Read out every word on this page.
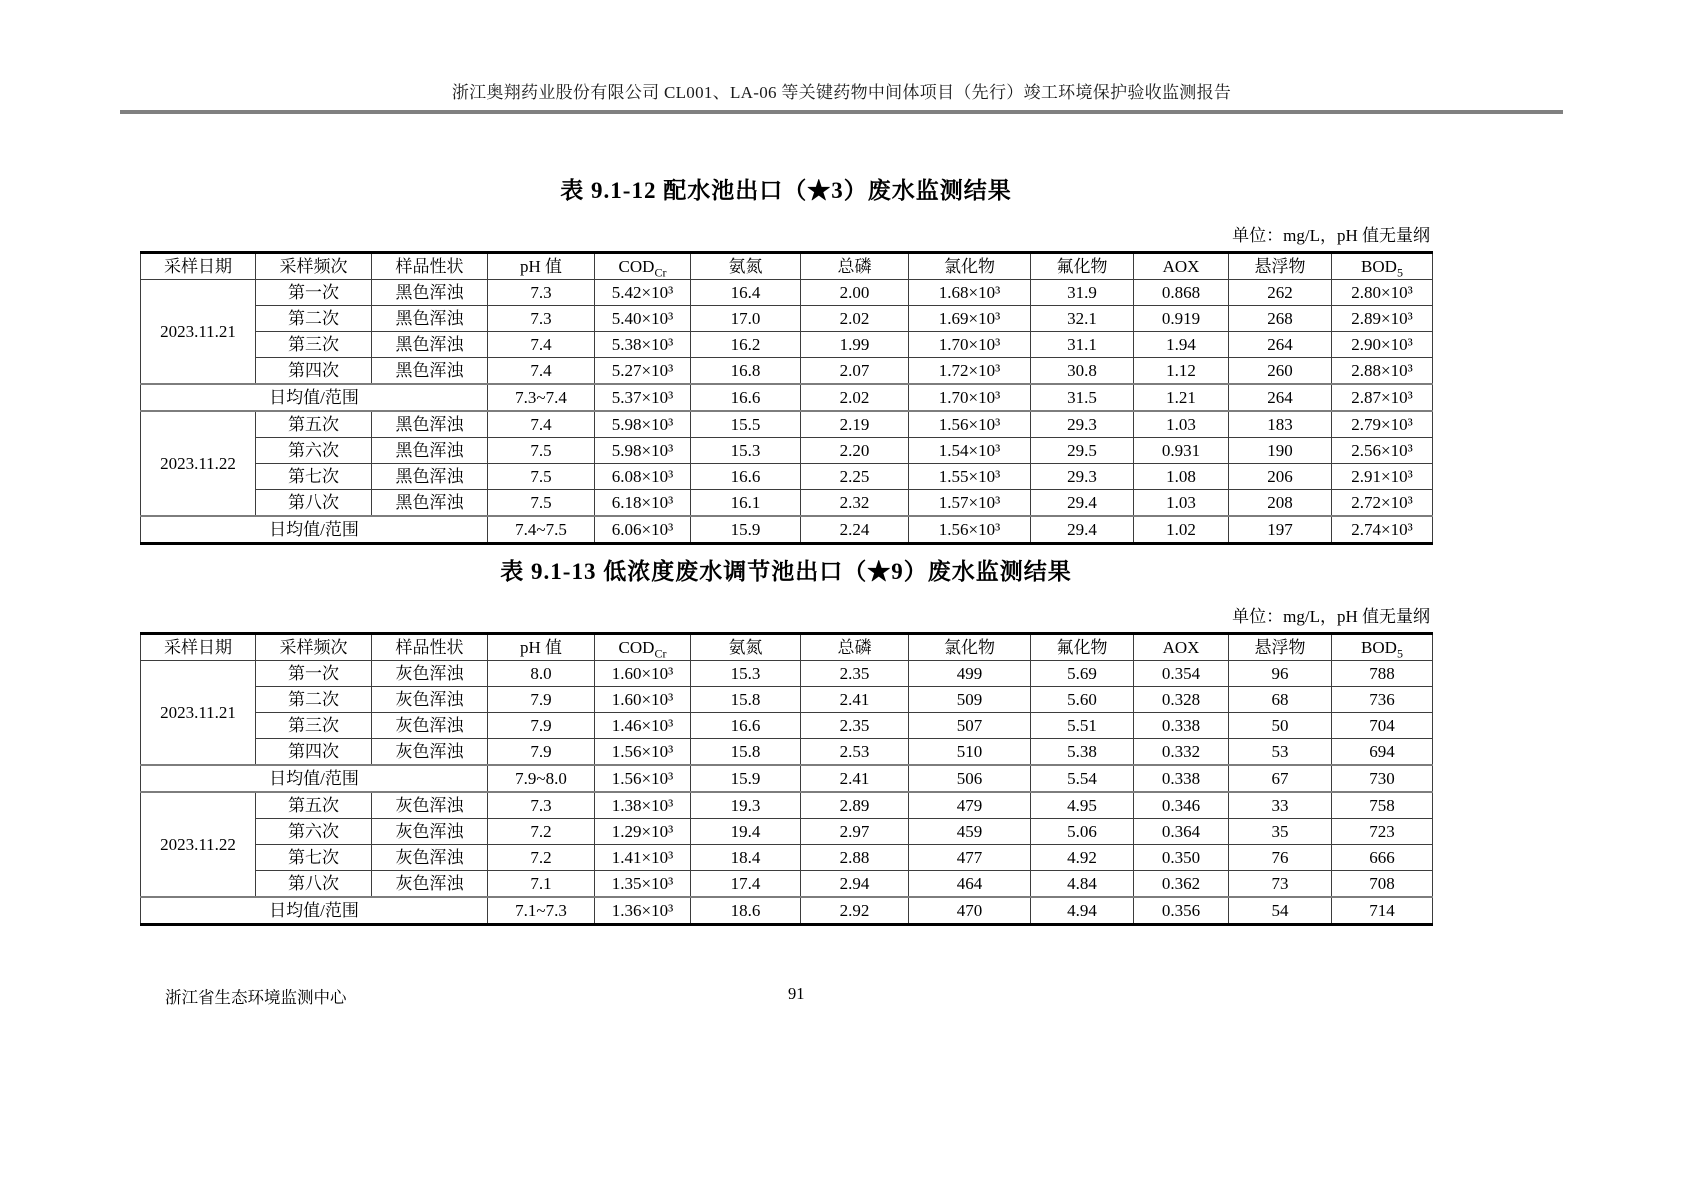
浙江奥翔药业股份有限公司 CL001、LA-06 等关键药物中间体项目（先行）竣工环境保护验收监测报告
表 9.1-12 配水池出口（★3）废水监测结果
单位：mg/L，pH 值无量纲
采样日期	采样频次	样品性状	pH 值	$COD_{Cr}$	氨氮	总磷	氯化物	氟化物	AOX	悬浮物	$BOD_5$
2023.11.21	第一次	黑色浑浊	7.3	5.42×10³	16.4	2.00	1.68×10³	31.9	0.868	262	2.80×10³
	第二次	黑色浑浊	7.3	5.40×10³	17.0	2.02	1.69×10³	32.1	0.919	268	2.89×10³
	第三次	黑色浑浊	7.4	5.38×10³	16.2	1.99	1.70×10³	31.1	1.94	264	2.90×10³
	第四次	黑色浑浊	7.4	5.27×10³	16.8	2.07	1.72×10³	30.8	1.12	260	2.88×10³
日均值/范围			7.3~7.4	5.37×10³	16.6	2.02	1.70×10³	31.5	1.21	264	2.87×10³
2023.11.22	第五次	黑色浑浊	7.4	5.98×10³	15.5	2.19	1.56×10³	29.3	1.03	183	2.79×10³
	第六次	黑色浑浊	7.5	5.98×10³	15.3	2.20	1.54×10³	29.5	0.931	190	2.56×10³
	第七次	黑色浑浊	7.5	6.08×10³	16.6	2.25	1.55×10³	29.3	1.08	206	2.91×10³
	第八次	黑色浑浊	7.5	6.18×10³	16.1	2.32	1.57×10³	29.4	1.03	208	2.72×10³
日均值/范围			7.4~7.5	6.06×10³	15.9	2.24	1.56×10³	29.4	1.02	197	2.74×10³
表 9.1-13 低浓度废水调节池出口（★9）废水监测结果
单位：mg/L，pH 值无量纲
采样日期	采样频次	样品性状	pH 值	$COD_{Cr}$	氨氮	总磷	氯化物	氟化物	AOX	悬浮物	$BOD_5$
2023.11.21	第一次	灰色浑浊	8.0	1.60×10³	15.3	2.35	499	5.69	0.354	96	788
	第二次	灰色浑浊	7.9	1.60×10³	15.8	2.41	509	5.60	0.328	68	736
	第三次	灰色浑浊	7.9	1.46×10³	16.6	2.35	507	5.51	0.338	50	704
	第四次	灰色浑浊	7.9	1.56×10³	15.8	2.53	510	5.38	0.332	53	694
日均值/范围			7.9~8.0	1.56×10³	15.9	2.41	506	5.54	0.338	67	730
2023.11.22	第五次	灰色浑浊	7.3	1.38×10³	19.3	2.89	479	4.95	0.346	33	758
	第六次	灰色浑浊	7.2	1.29×10³	19.4	2.97	459	5.06	0.364	35	723
	第七次	灰色浑浊	7.2	1.41×10³	18.4	2.88	477	4.92	0.350	76	666
	第八次	灰色浑浊	7.1	1.35×10³	17.4	2.94	464	4.84	0.362	73	708
日均值/范围			7.1~7.3	1.36×10³	18.6	2.92	470	4.94	0.356	54	714
浙江省生态环境监测中心	91
